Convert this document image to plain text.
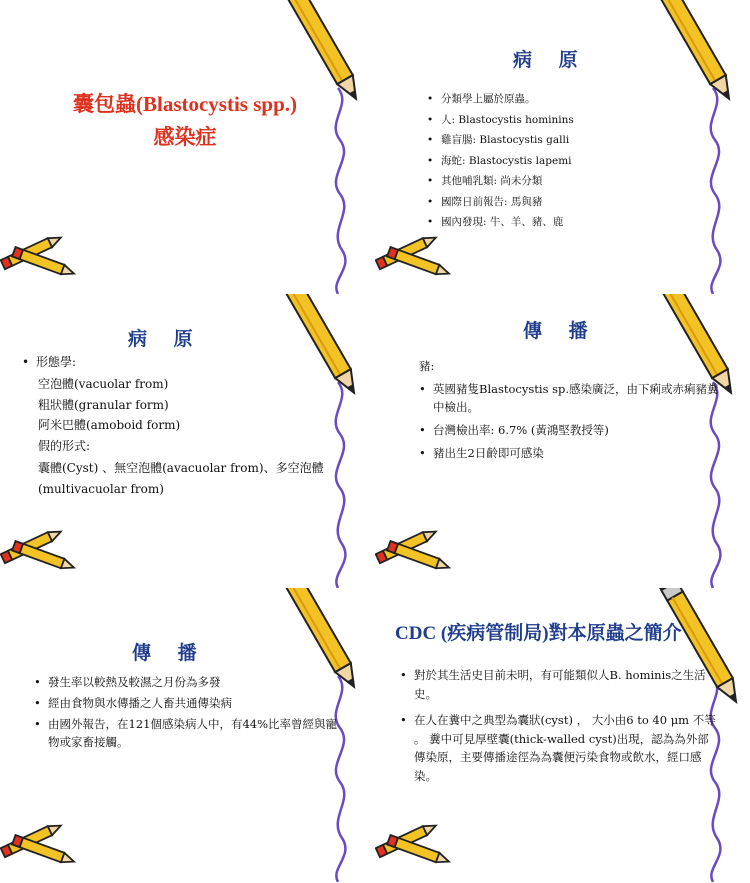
囊包蟲(Blastocystis spp.)
感染症
病 原
• 分類學上屬於原蟲。
• 人: Blastocystis hominins
• 雞盲腸: Blastocystis galli
• 海蛇: Blastocystis lapemi
• 其他哺乳類: 尚未分類
• 國際日前報告: 馬與豬
• 國內發現: 牛、羊、豬、鹿
病 原
• 形態學:
空泡體(vacuolar from)
粗狀體(granular form)
阿米巴體(amoboid form)
假的形式:
囊體(Cyst) 、無空泡體(avacuolar from)、多空泡體(multivacuolar from)
傳 播
豬:
• 英國豬隻Blastocystis sp.感染廣泛，由下痢或赤痢豬糞中檢出。
• 台灣檢出率: 6.7% (黃鴻堅教授等)
• 豬出生2日齡即可感染
傳 播
• 發生率以較熱及較濕之月份為多發
• 經由食物與水傳播之人畜共通傳染病
• 由國外報告，在121個感染病人中，有44%比率曾經與寵物或家畜接觸。
CDC (疾病管制局)對本原蟲之簡介
• 對於其生活史目前未明，有可能類似人B. hominis之生活史。
• 在人在糞中之典型為囊狀(cyst) ， 大小由6 to 40 μm 不等 。 糞中可見厚壁囊(thick-walled cyst)出現，認為為外部傳染原，主要傳播途徑為為囊便污染食物或飲水，經口感染。
